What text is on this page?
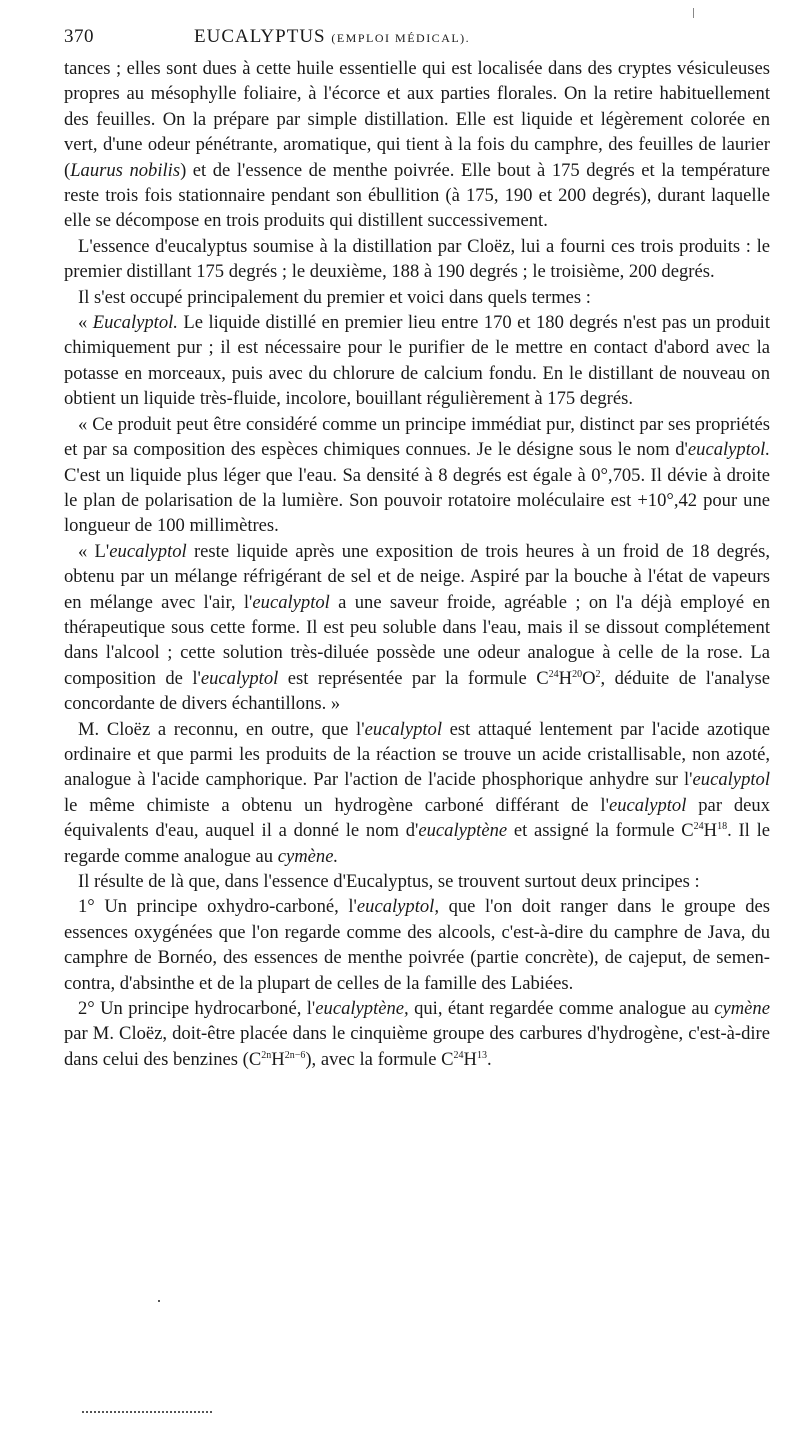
370	EUCALYPTUS (EMPLOI MÉDICAL).

tances ; elles sont dues à cette huile essentielle qui est localisée dans des cryptes vésiculeuses propres au mésophylle foliaire, à l'écorce et aux parties florales. On la retire habituellement des feuilles. On la prépare par simple distillation. Elle est liquide et légèrement colorée en vert, d'une odeur pénétrante, aromatique, qui tient à la fois du camphre, des feuilles de laurier (Laurus nobilis) et de l'essence de menthe poivrée. Elle bout à 175 degrés et la température reste trois fois stationnaire pendant son ébullition (à 175, 190 et 200 degrés), durant laquelle elle se décompose en trois produits qui distillent successivement.

L'essence d'eucalyptus soumise à la distillation par Cloëz, lui a fourni ces trois produits : le premier distillant 175 degrés ; le deuxième, 188 à 190 degrés ; le troisième, 200 degrés.

Il s'est occupé principalement du premier et voici dans quels termes :

« Eucalyptol. Le liquide distillé en premier lieu entre 170 et 180 degrés n'est pas un produit chimiquement pur ; il est nécessaire pour le purifier de le mettre en contact d'abord avec la potasse en morceaux, puis avec du chlorure de calcium fondu. En le distillant de nouveau on obtient un liquide très-fluide, incolore, bouillant régulièrement à 175 degrés.

« Ce produit peut être considéré comme un principe immédiat pur, distinct par ses propriétés et par sa composition des espèces chimiques connues. Je le désigne sous le nom d'eucalyptol. C'est un liquide plus léger que l'eau. Sa densité à 8 degrés est égale à 0°,705. Il dévie à droite le plan de polarisation de la lumière. Son pouvoir rotatoire moléculaire est +10°,42 pour une longueur de 100 millimètres.

« L'eucalyptol reste liquide après une exposition de trois heures à un froid de 18 degrés, obtenu par un mélange réfrigérant de sel et de neige. Aspiré par la bouche à l'état de vapeurs en mélange avec l'air, l'eucalyptol a une saveur froide, agréable ; on l'a déjà employé en thérapeutique sous cette forme. Il est peu soluble dans l'eau, mais il se dissout complétement dans l'alcool ; cette solution très-diluée possède une odeur analogue à celle de la rose. La composition de l'eucalyptol est représentée par la formule $C^{24}H^{20}O^2$, déduite de l'analyse concordante de divers échantillons. »

M. Cloëz a reconnu, en outre, que l'eucalyptol est attaqué lentement par l'acide azotique ordinaire et que parmi les produits de la réaction se trouve un acide cristallisable, non azoté, analogue à l'acide camphorique. Par l'action de l'acide phosphorique anhydre sur l'eucalyptol le même chimiste a obtenu un hydrogène carboné différant de l'eucalyptol par deux équivalents d'eau, auquel il a donné le nom d'eucalyptène et assigné la formule $C^{24}H^{18}$. Il le regarde comme analogue au cymène.

Il résulte de là que, dans l'essence d'Eucalyptus, se trouvent surtout deux principes :

1° Un principe oxhydro-carboné, l'eucalyptol, que l'on doit ranger dans le groupe des essences oxygénées que l'on regarde comme des alcools, c'est-à-dire du camphre de Java, du camphre de Bornéo, des essences de menthe poivrée (partie concrète), de cajeput, de semen-contra, d'absinthe et de la plupart de celles de la famille des Labiées.

2° Un principe hydrocarboné, l'eucalyptène, qui, étant regardée comme analogue au cymène par M. Cloëz, doit-être placée dans le cinquième groupe des carbures d'hydrogène, c'est-à-dire dans celui des benzines $(C^{2n}H^{2n-6})$, avec la formule $C^{24}H^{13}$.
